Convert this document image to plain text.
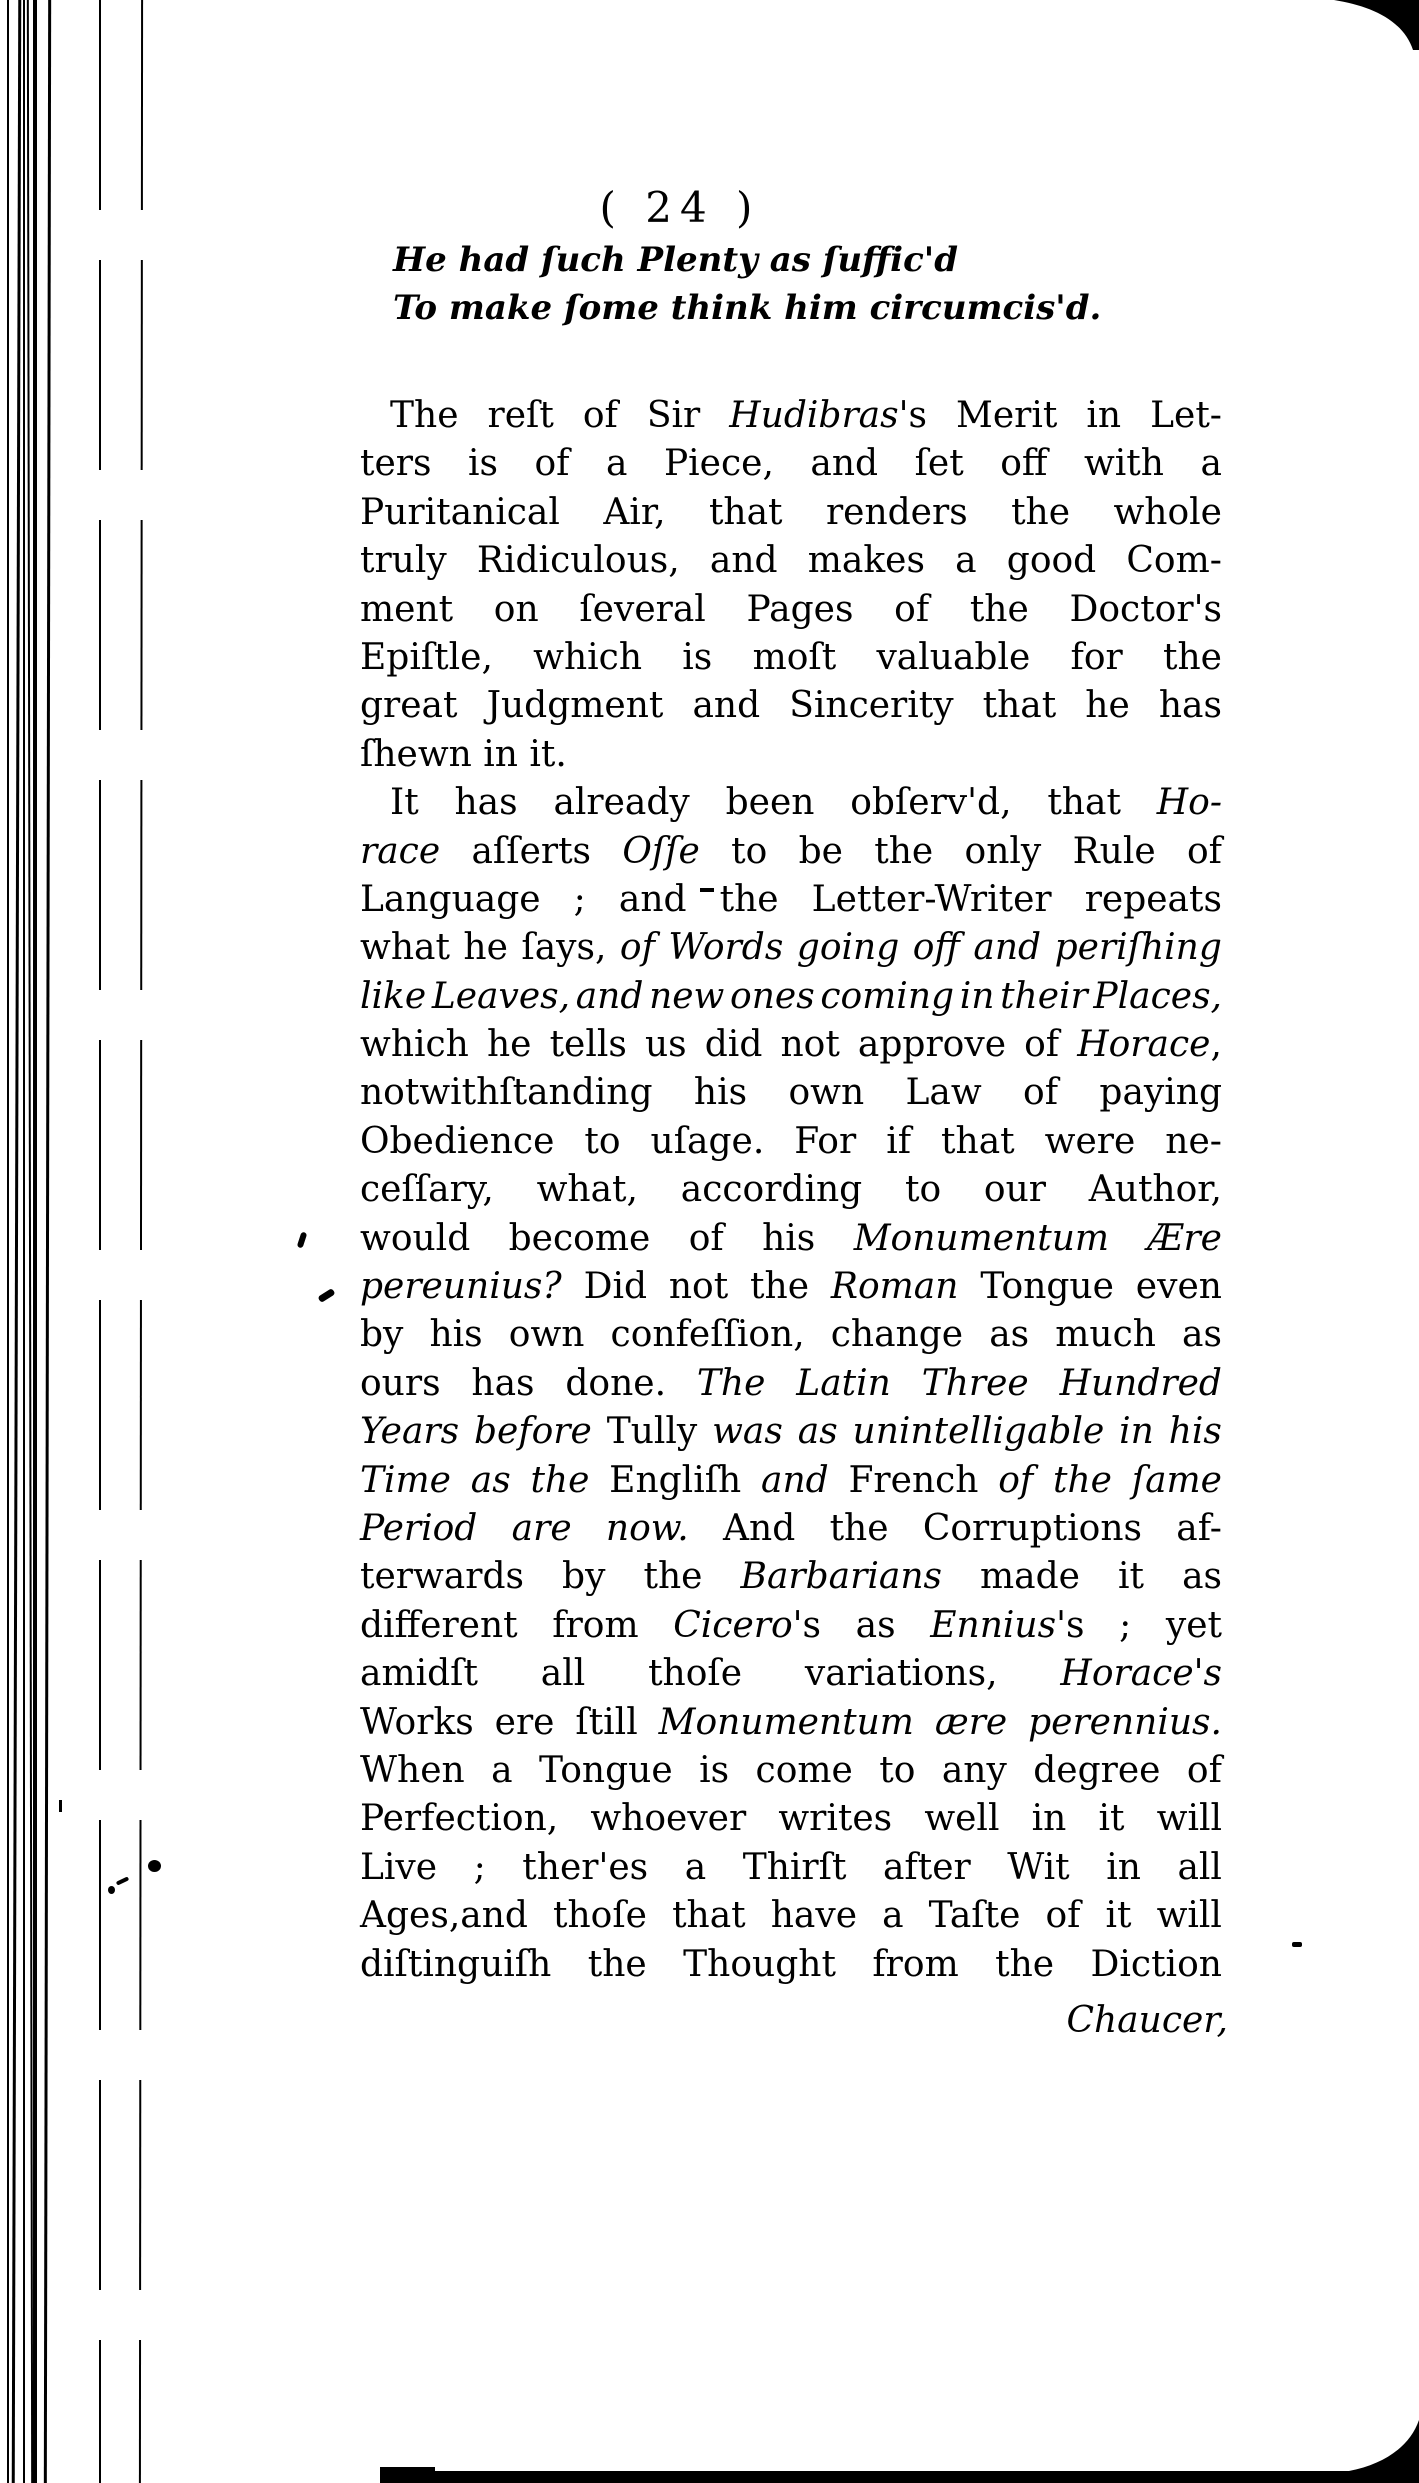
( 24 )
He had ſuch Plenty as ſuffic'd
To make ſome think him circumcis'd.
The reſt of Sir Hudibras's Merit in Let-
ters is of a Piece, and ſet off with a
Puritanical Air, that renders the whole
truly Ridiculous, and makes a good Com-
ment on ſeveral Pages of the Doctor's
Epiſtle, which is moſt valuable for the
great Judgment and Sincerity that he has
ſhewn in it.
It has already been obſerv'd, that Ho-
race aſſerts Oſſe to be the only Rule of
Language ; and the Letter-Writer repeats
what he ſays, of Words going off and periſhing
like Leaves, and new ones coming in their Places,
which he tells us did not approve of Horace,
notwithſtanding his own Law of paying
Obedience to uſage. For if that were ne-
ceſſary, what, according to our Author,
would become of his Monumentum Ære
pereunius? Did not the Roman Tongue even
by his own confeſſion, change as much as
ours has done. The Latin Three Hundred
Years before Tully was as unintelligable in his
Time as the Engliſh and French of the ſame
Period are now. And the Corruptions af-
terwards by the Barbarians made it as
different from Cicero's as Ennius's ; yet
amidſt all thoſe variations, Horace's
Works ere ſtill Monumentum ære perennius.
When a Tongue is come to any degree of
Perfection, whoever writes well in it will
Live ; ther'es a Thirſt after Wit in all
Ages,and thoſe that have a Taſte of it will
diſtinguiſh the Thought from the Diction
Chaucer,
